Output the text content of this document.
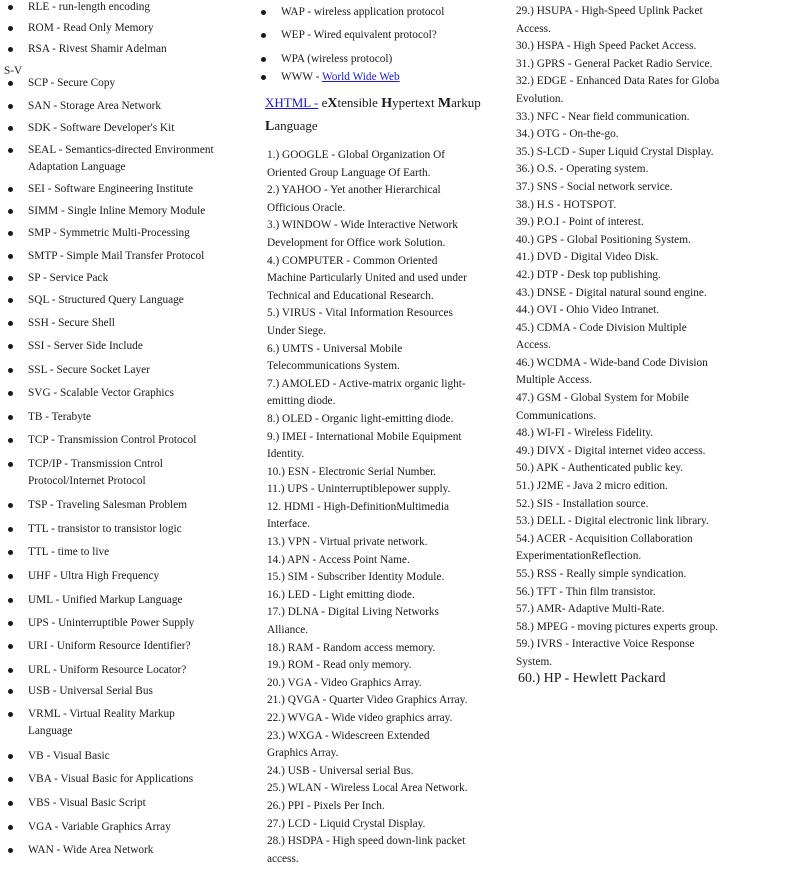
RLE - run-length encoding
ROM - Read Only Memory
RSA - Rivest Shamir Adelman
S-V
SCP - Secure Copy
SAN - Storage Area Network
SDK - Software Developer's Kit
SEAL - Semantics-directed Environment
Adaptation Language
SEI - Software Engineering Institute
SIMM - Single Inline Memory Module
SMP - Symmetric Multi-Processing
SMTP - Simple Mail Transfer Protocol
SP - Service Pack
SQL - Structured Query Language
SSH - Secure Shell
SSI - Server Side Include
SSL - Secure Socket Layer
SVG - Scalable Vector Graphics
TB - Terabyte
TCP - Transmission Control Protocol
TCP/IP - Transmission Cntrol
Protocol/Internet Protocol
TSP - Traveling Salesman Problem
TTL - transistor to transistor logic
TTL - time to live
UHF - Ultra High Frequency
UML - Unified Markup Language
UPS - Uninterruptible Power Supply
URI - Uniform Resource Identifier?
URL - Uniform Resource Locator?
USB - Universal Serial Bus
VRML - Virtual Reality Markup
Language
VB - Visual Basic
VBA - Visual Basic for Applications
VBS - Visual Basic Script
VGA - Variable Graphics Array
WAN - Wide Area Network
WAP - wireless application protocol
WEP - Wired equivalent protocol?
WPA (wireless protocol)
WWW - World Wide Web
XHTML - eXtensible Hypertext Markup
Language
1.) GOOGLE - Global Organization Of
Oriented Group Language Of Earth.
2.) YAHOO - Yet another Hierarchical
Officious Oracle.
3.) WINDOW - Wide Interactive Network
Development for Office work Solution.
4.) COMPUTER - Common Oriented
Machine Particularly United and used under
Technical and Educational Research.
5.) VIRUS - Vital Information Resources
Under Siege.
6.) UMTS - Universal Mobile
Telecommunications System.
7.) AMOLED - Active-matrix organic light-
emitting diode.
8.) OLED - Organic light-emitting diode.
9.) IMEI - International Mobile Equipment
Identity.
10.) ESN - Electronic Serial Number.
11.) UPS - Uninterruptiblepower supply.
12. HDMI - High-DefinitionMultimedia
Interface.
13.) VPN - Virtual private network.
14.) APN - Access Point Name.
15.) SIM - Subscriber Identity Module.
16.) LED - Light emitting diode.
17.) DLNA - Digital Living Networks
Alliance.
18.) RAM - Random access memory.
19.) ROM - Read only memory.
20.) VGA - Video Graphics Array.
21.) QVGA - Quarter Video Graphics Array.
22.) WVGA - Wide video graphics array.
23.) WXGA - Widescreen Extended
Graphics Array.
24.) USB - Universal serial Bus.
25.) WLAN - Wireless Local Area Network.
26.) PPI - Pixels Per Inch.
27.) LCD - Liquid Crystal Display.
28.) HSDPA - High speed down-link packet
access.
29.) HSUPA - High-Speed Uplink Packet
Access.
30.) HSPA - High Speed Packet Access.
31.) GPRS - General Packet Radio Service.
32.) EDGE - Enhanced Data Rates for Globa
Evolution.
33.) NFC - Near field communication.
34.) OTG - On-the-go.
35.) S-LCD - Super Liquid Crystal Display.
36.) O.S. - Operating system.
37.) SNS - Social network service.
38.) H.S - HOTSPOT.
39.) P.O.I - Point of interest.
40.) GPS - Global Positioning System.
41.) DVD - Digital Video Disk.
42.) DTP - Desk top publishing.
43.) DNSE - Digital natural sound engine.
44.) OVI - Ohio Video Intranet.
45.) CDMA - Code Division Multiple
Access.
46.) WCDMA - Wide-band Code Division
Multiple Access.
47.) GSM - Global System for Mobile
Communications.
48.) WI-FI - Wireless Fidelity.
49.) DIVX - Digital internet video access.
50.) APK - Authenticated public key.
51.) J2ME - Java 2 micro edition.
52.) SIS - Installation source.
53.) DELL - Digital electronic link library.
54.) ACER - Acquisition Collaboration
ExperimentationReflection.
55.) RSS - Really simple syndication.
56.) TFT - Thin film transistor.
57.) AMR- Adaptive Multi-Rate.
58.) MPEG - moving pictures experts group.
59.) IVRS - Interactive Voice Response
System.
60.) HP - Hewlett Packard
